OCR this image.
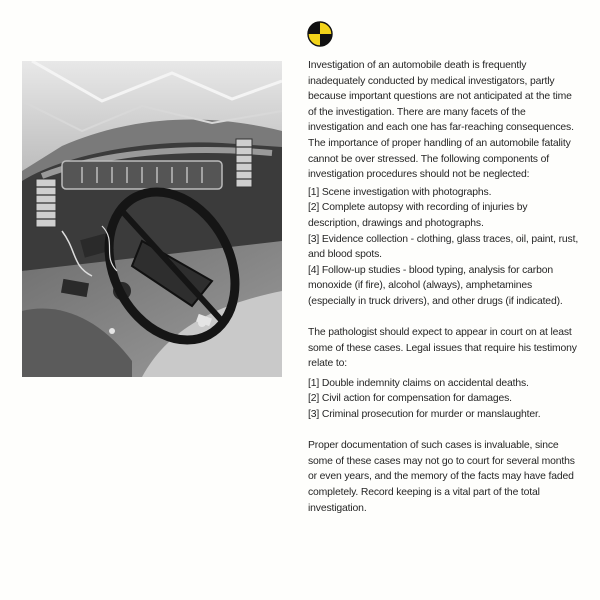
Investigation of an automobile death is frequently inadequately conducted by medical investigators, partly because important questions are not anticipated at the time of the investigation. There are many facets of the investigation and each one has far-reaching consequences. The importance of proper handling of an automobile fatality cannot be over stressed. The following components of investigation procedures should not be neglected:

[1] Scene investigation with photographs.

[2] Complete autopsy with recording of injuries by description, drawings and photographs.

[3] Evidence collection - clothing, glass traces, oil, paint, rust, and blood spots.

[4] Follow-up studies - blood typing, analysis for carbon monoxide (if fire), alcohol (always), amphetamines (especially in truck drivers), and other drugs (if indicated).

The pathologist should expect to appear in court on at least some of these cases. Legal issues that require his testimony relate to:

[1] Double indemnity claims on accidental deaths.

[2] Civil action for compensation for damages.

[3] Criminal prosecution for murder or manslaughter.

Proper documentation of such cases is invaluable, since some of these cases may not go to court for several months or even years, and the memory of the facts may have faded completely. Record keeping is a vital part of the total investigation.
